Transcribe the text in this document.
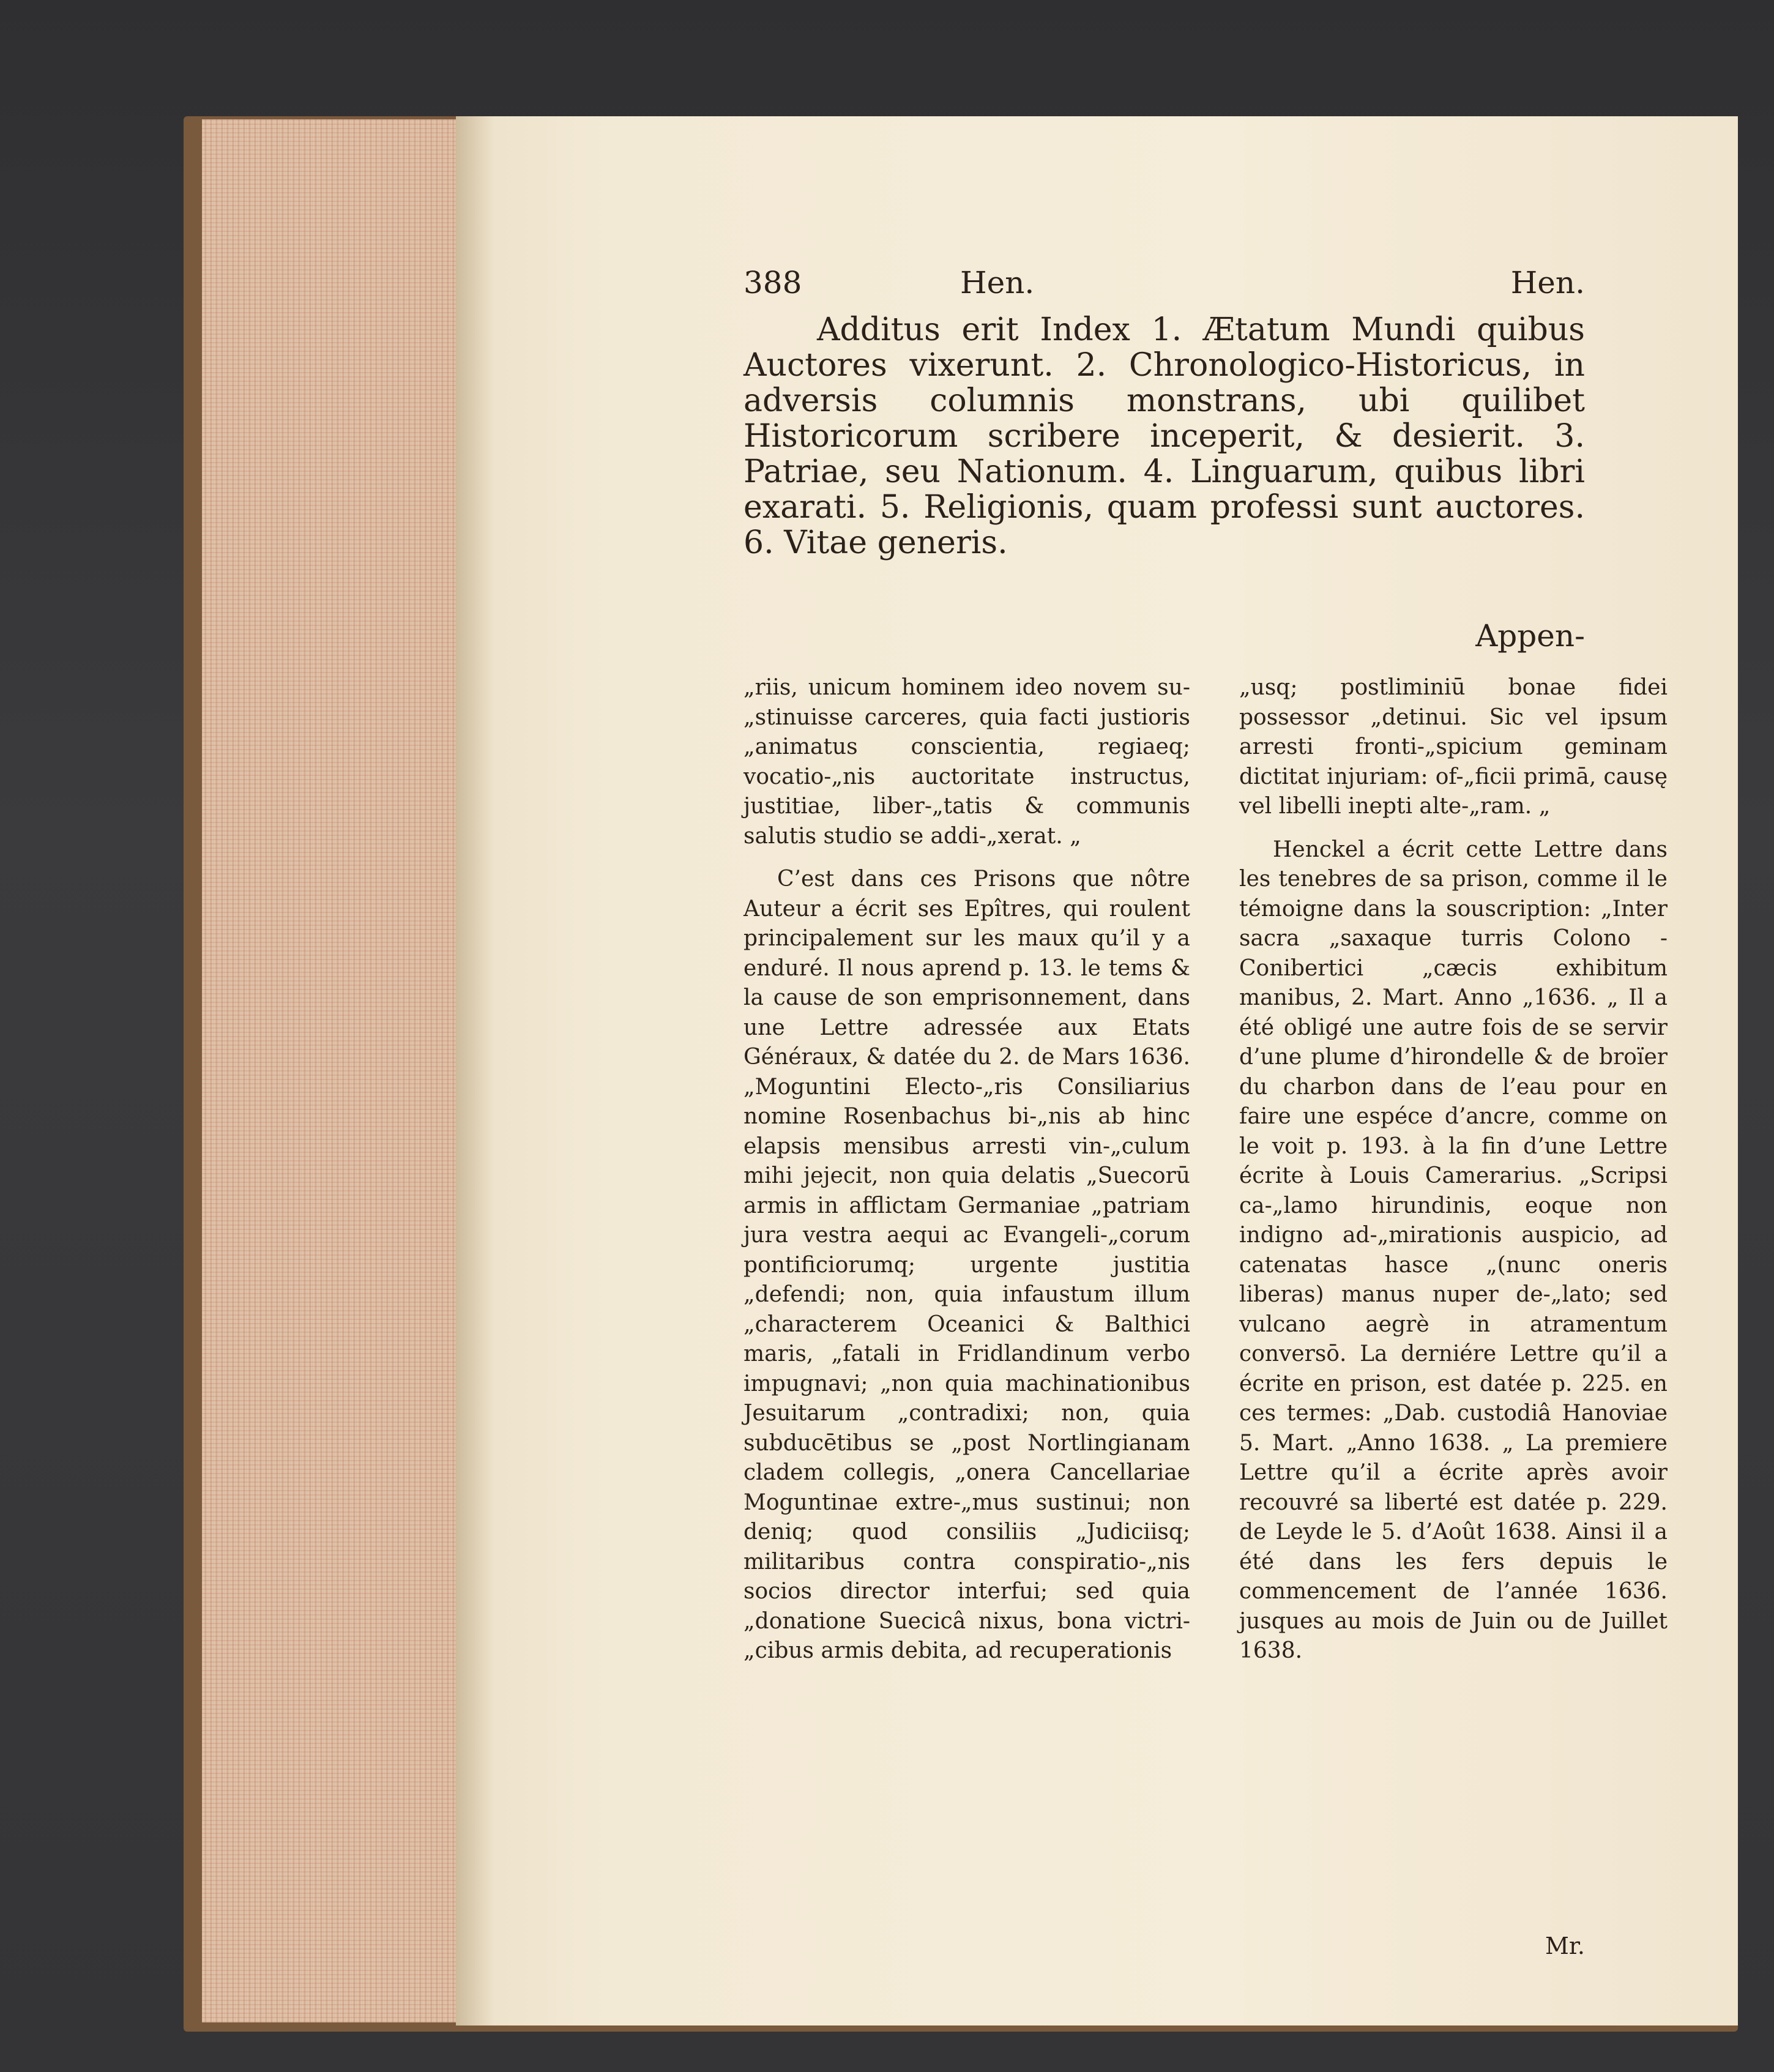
388	Hen.	Hen.

Additus erit Index 1. Ætatum Mundi quibus Auctores vixerunt. 2. Chronologico-Historicus, in adversis columnis monstrans, ubi quilibet Historicorum scribere inceperit, & desierit. 3. Patriae, seu Nationum. 4. Linguarum, quibus libri exarati. 5. Religionis, quam professi sunt auctores. 6. Vitae generis.

Appen-

„riis, unicum hominem ideo novem su-„stinuisse carceres, quia facti justioris „animatus conscientia, regiaeq; vocatio-„nis auctoritate instructus, justitiae, liber-„tatis & communis salutis studio se addi-„xerat. „

C’est dans ces Prisons que nôtre Auteur a écrit ses Epîtres, qui roulent principalement sur les maux qu’il y a enduré. Il nous aprend p. 13. le tems & la cause de son emprisonnement, dans une Lettre adressée aux Etats Généraux, & datée du 2. de Mars 1636. „Moguntini Electo-„ris Consiliarius nomine Rosenbachus bi-„nis ab hinc elapsis mensibus arresti vin-„culum mihi jejecit, non quia delatis „Suecorū armis in afflictam Germaniae „patriam jura vestra aequi ac Evangeli-„corum pontificiorumq; urgente justitia „defendi; non, quia infaustum illum „characterem Oceanici & Balthici maris, „fatali in Fridlandinum verbo impugnavi; „non quia machinationibus Jesuitarum „contradixi; non, quia subducētibus se „post Nortlingianam cladem collegis, „onera Cancellariae Moguntinae extre-„mus sustinui; non deniq; quod consiliis „Judiciisq; militaribus contra conspiratio-„nis socios director interfui; sed quia „donatione Suecicâ nixus, bona victri-„cibus armis debita, ad recuperationis

„usq; postliminiū bonae fidei possessor „detinui. Sic vel ipsum arresti fronti-„spicium geminam dictitat injuriam: of-„ficii primā, causę vel libelli inepti alte-„ram. „

Henckel a écrit cette Lettre dans les tenebres de sa prison, comme il le témoigne dans la souscription: „Inter sacra „saxaque turris Colono - Conibertici „cæcis exhibitum manibus, 2. Mart. Anno „1636. „ Il a été obligé une autre fois de se servir d’une plume d’hirondelle & de broïer du charbon dans de l’eau pour en faire une espéce d’ancre, comme on le voit p. 193. à la fin d’une Lettre écrite à Louis Camerarius. „Scripsi ca-„lamo hirundinis, eoque non indigno ad-„mirationis auspicio, ad catenatas hasce „(nunc oneris liberas) manus nuper de-„lato; sed vulcano aegrè in atramentum conversō. La derniére Lettre qu’il a écrite en prison, est datée p. 225. en ces termes: „Dab. custodiâ Hanoviae 5. Mart. „Anno 1638. „ La premiere Lettre qu’il a écrite après avoir recouvré sa liberté est datée p. 229. de Leyde le 5. d’Août 1638. Ainsi il a été dans les fers depuis le commencement de l’année 1636. jusques au mois de Juin ou de Juillet 1638.

Mr.
